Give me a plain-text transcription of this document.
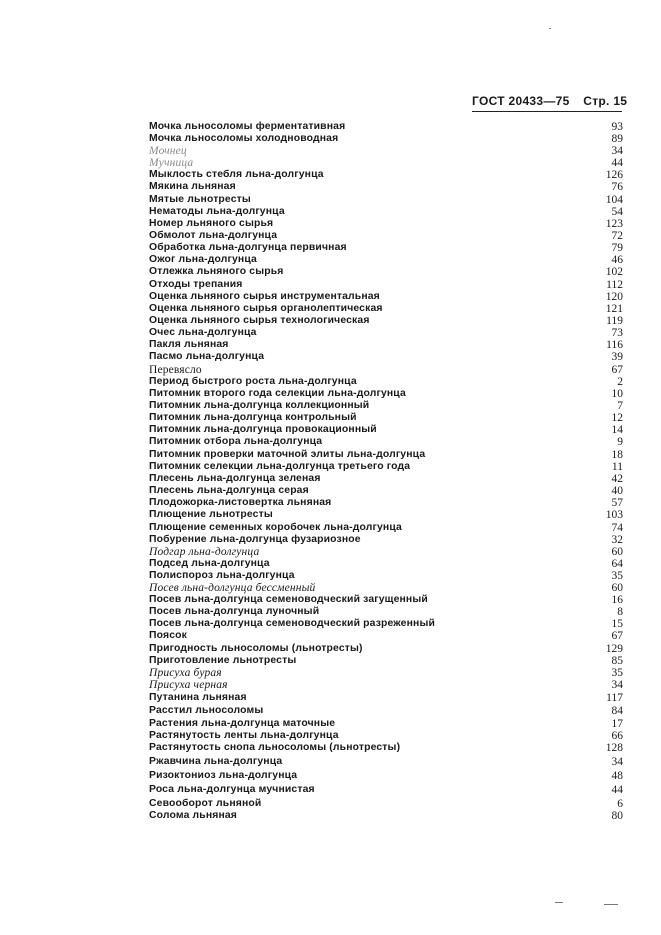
ГОСТ 20433—75 Стр. 15
Мочка льносоломы ферментативная	93
Мочка льносоломы холодноводная	89
Мочнец	34
Мучница	44
Мыклость стебля льна-долгунца	126
Мякина льняная	76
Мятые льнотресты	104
Нематоды льна-долгунца	54
Номер льняного сырья	123
Обмолот льна-долгунца	72
Обработка льна-долгунца первичная	79
Ожог льна-долгунца	46
Отлежка льняного сырья	102
Отходы трепания	112
Оценка льняного сырья инструментальная	120
Оценка льняного сырья органолептическая	121
Оценка льняного сырья технологическая	119
Очес льна-долгунца	73
Пакля льняная	116
Пасмо льна-долгунца	39
Перевясло	67
Период быстрого роста льна-долгунца	2
Питомник второго года селекции льна-долгунца	10
Питомник льна-долгунца коллекционный	7
Питомник льна-долгунца контрольный	12
Питомник льна-долгунца провокационный	14
Питомник отбора льна-долгунца	9
Питомник проверки маточной элиты льна-долгунца	18
Питомник селекции льна-долгунца третьего года	11
Плесень льна-долгунца зеленая	42
Плесень льна-долгунца серая	40
Плодожорка-листовертка льняная	57
Плющение льнотресты	103
Плющение семенных коробочек льна-долгунца	74
Побурение льна-долгунца фузариозное	32
Подгар льна-долгунца	60
Подсед льна-долгунца	64
Полиспороз льна-долгунца	35
Посев льна-долгунца бессменный	60
Посев льна-долгунца семеноводческий загущенный	16
Посев льна-долгунца луночный	8
Посев льна-долгунца семеноводческий разреженный	15
Поясок	67
Пригодность льносоломы (льнотресты)	129
Приготовление льнотресты	85
Присуха бурая	35
Присуха черная	34
Путанина льняная	117
Расстил льносоломы	84
Растения льна-долгунца маточные	17
Растянутость ленты льна-долгунца	66
Растянутость снопа льносоломы (льнотресты)	128
Ржавчина льна-долгунца	34
Ризоктониоз льна-долгунца	48
Роса льна-долгунца мучнистая	44
Севооборот льняной	6
Солома льняная	80
